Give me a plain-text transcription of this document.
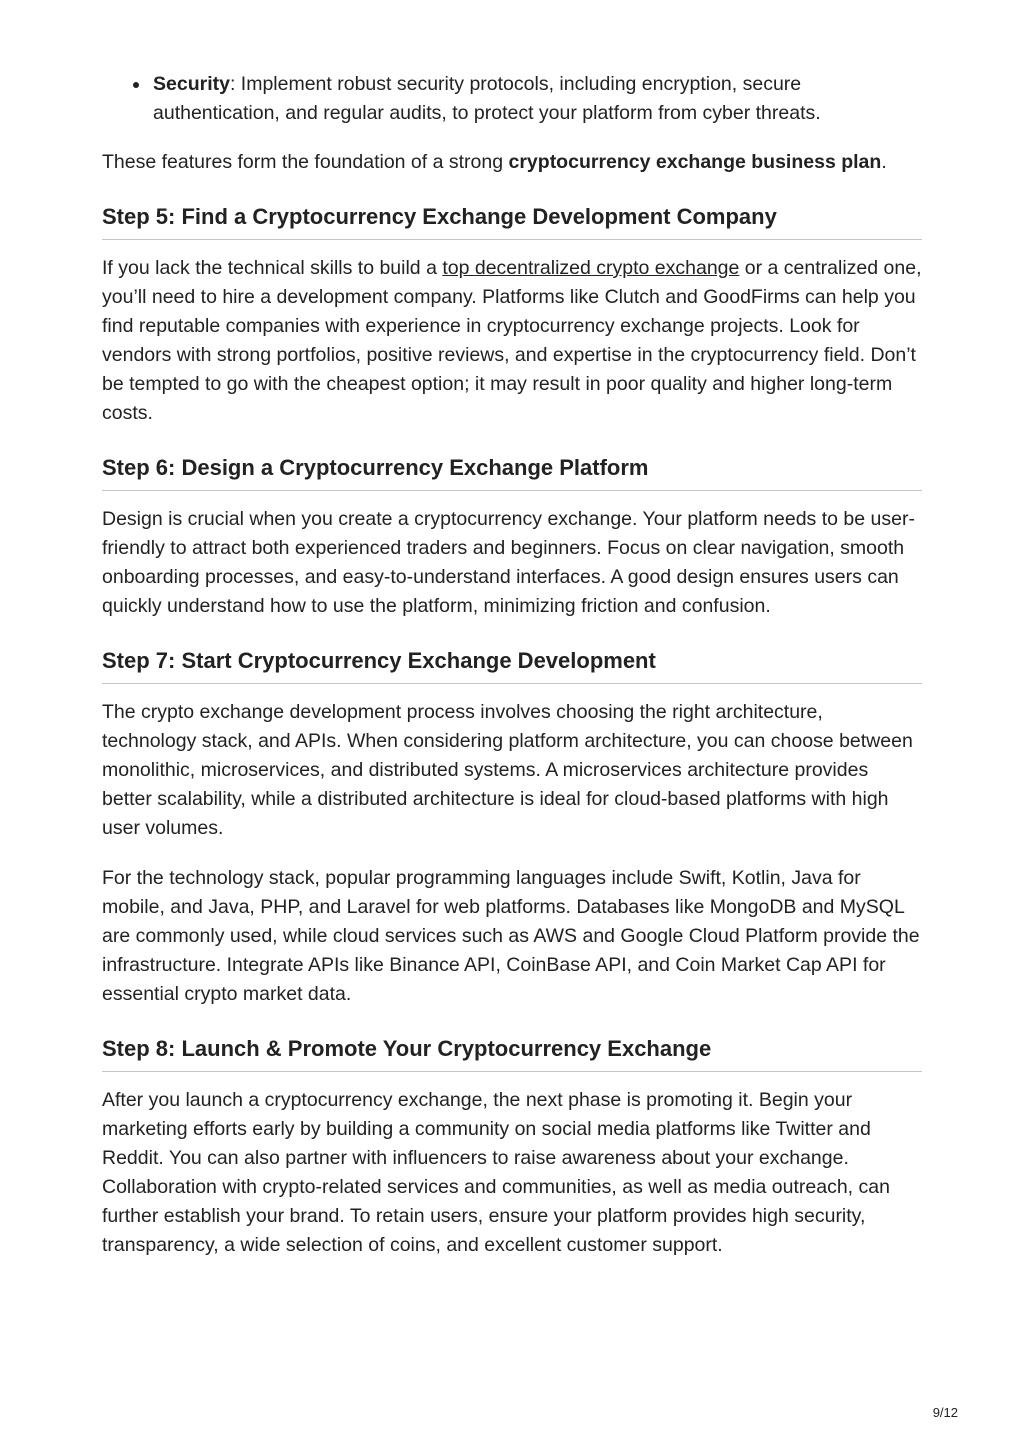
Security: Implement robust security protocols, including encryption, secure authentication, and regular audits, to protect your platform from cyber threats.

These features form the foundation of a strong cryptocurrency exchange business plan.

Step 5: Find a Cryptocurrency Exchange Development Company

If you lack the technical skills to build a top decentralized crypto exchange or a centralized one, you’ll need to hire a development company. Platforms like Clutch and GoodFirms can help you find reputable companies with experience in cryptocurrency exchange projects. Look for vendors with strong portfolios, positive reviews, and expertise in the cryptocurrency field. Don’t be tempted to go with the cheapest option; it may result in poor quality and higher long-term costs.

Step 6: Design a Cryptocurrency Exchange Platform

Design is crucial when you create a cryptocurrency exchange. Your platform needs to be user-friendly to attract both experienced traders and beginners. Focus on clear navigation, smooth onboarding processes, and easy-to-understand interfaces. A good design ensures users can quickly understand how to use the platform, minimizing friction and confusion.

Step 7: Start Cryptocurrency Exchange Development

The crypto exchange development process involves choosing the right architecture, technology stack, and APIs. When considering platform architecture, you can choose between monolithic, microservices, and distributed systems. A microservices architecture provides better scalability, while a distributed architecture is ideal for cloud-based platforms with high user volumes.

For the technology stack, popular programming languages include Swift, Kotlin, Java for mobile, and Java, PHP, and Laravel for web platforms. Databases like MongoDB and MySQL are commonly used, while cloud services such as AWS and Google Cloud Platform provide the infrastructure. Integrate APIs like Binance API, CoinBase API, and Coin Market Cap API for essential crypto market data.

Step 8: Launch & Promote Your Cryptocurrency Exchange

After you launch a cryptocurrency exchange, the next phase is promoting it. Begin your marketing efforts early by building a community on social media platforms like Twitter and Reddit. You can also partner with influencers to raise awareness about your exchange. Collaboration with crypto-related services and communities, as well as media outreach, can further establish your brand. To retain users, ensure your platform provides high security, transparency, a wide selection of coins, and excellent customer support.

9/12
